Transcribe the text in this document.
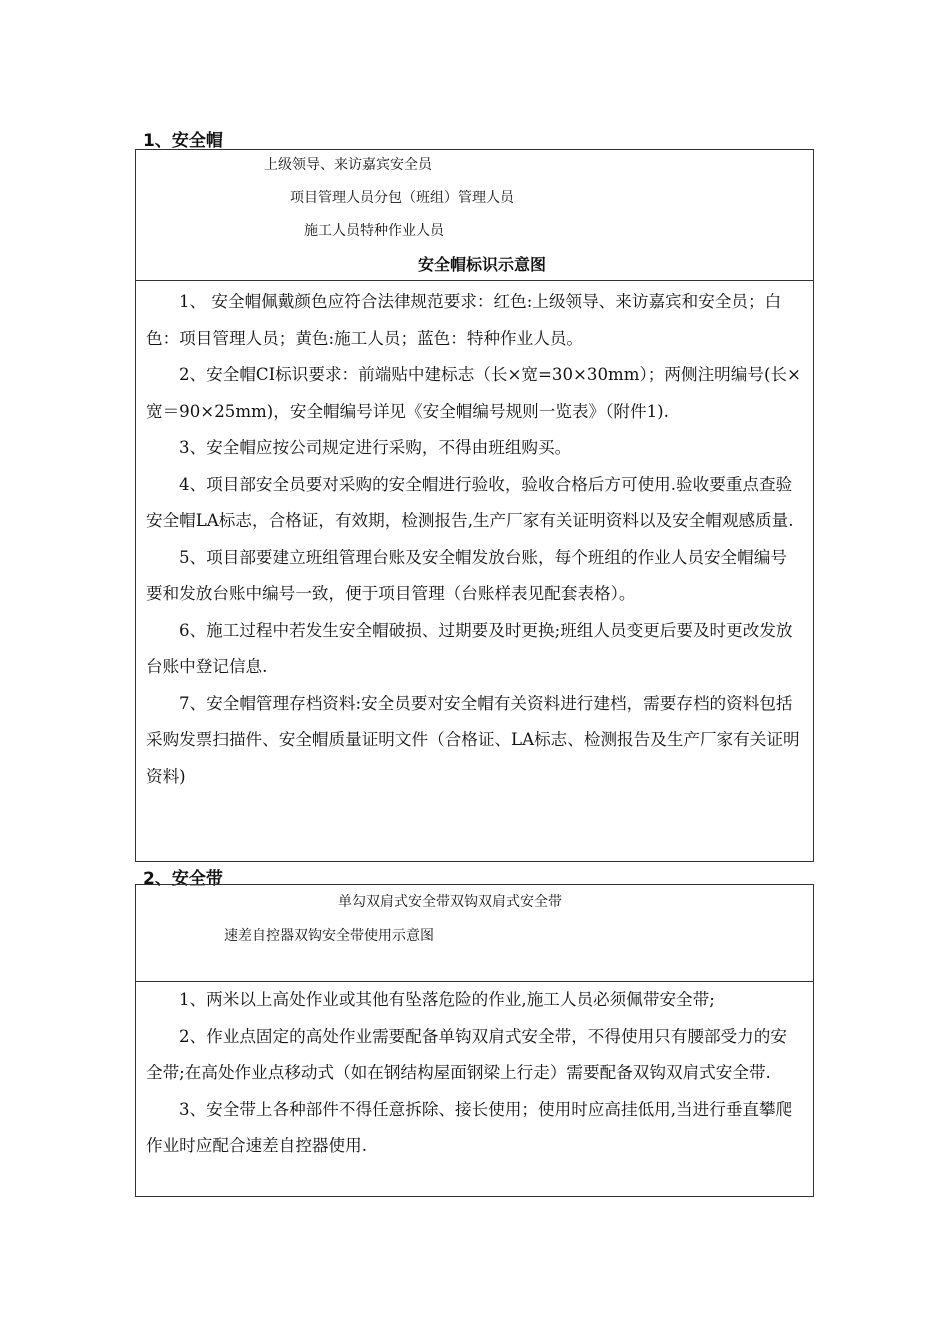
1、安全帽
上级领导、来访嘉宾安全员
项目管理人员分包（班组）管理人员
施工人员特种作业人员
安全帽标识示意图

1、 安全帽佩戴颜色应符合法律规范要求：红色:上级领导、来访嘉宾和安全员；白色：项目管理人员；黄色:施工人员；蓝色：特种作业人员。

2、安全帽CI标识要求：前端贴中建标志（长×宽=30×30mm）；两侧注明编号(长×宽＝90×25mm)，安全帽编号详见《安全帽编号规则一览表》（附件1).

3、安全帽应按公司规定进行采购，不得由班组购买。

4、项目部安全员要对采购的安全帽进行验收，验收合格后方可使用.验收要重点查验安全帽LA标志，合格证，有效期，检测报告,生产厂家有关证明资料以及安全帽观感质量.

5、项目部要建立班组管理台账及安全帽发放台账，每个班组的作业人员安全帽编号要和发放台账中编号一致，便于项目管理（台账样表见配套表格）。

6、施工过程中若发生安全帽破损、过期要及时更换;班组人员变更后要及时更改发放台账中登记信息.

7、安全帽管理存档资料:安全员要对安全帽有关资料进行建档，需要存档的资料包括采购发票扫描件、安全帽质量证明文件（合格证、LA标志、检测报告及生产厂家有关证明资料)

2、安全带
单勾双肩式安全带双钩双肩式安全带
速差自控器双钩安全带使用示意图

1、两米以上高处作业或其他有坠落危险的作业,施工人员必须佩带安全带;

2、作业点固定的高处作业需要配备单钩双肩式安全带，不得使用只有腰部受力的安全带;在高处作业点移动式（如在钢结构屋面钢梁上行走）需要配备双钩双肩式安全带.

3、安全带上各种部件不得任意拆除、接长使用；使用时应高挂低用,当进行垂直攀爬作业时应配合速差自控器使用.
